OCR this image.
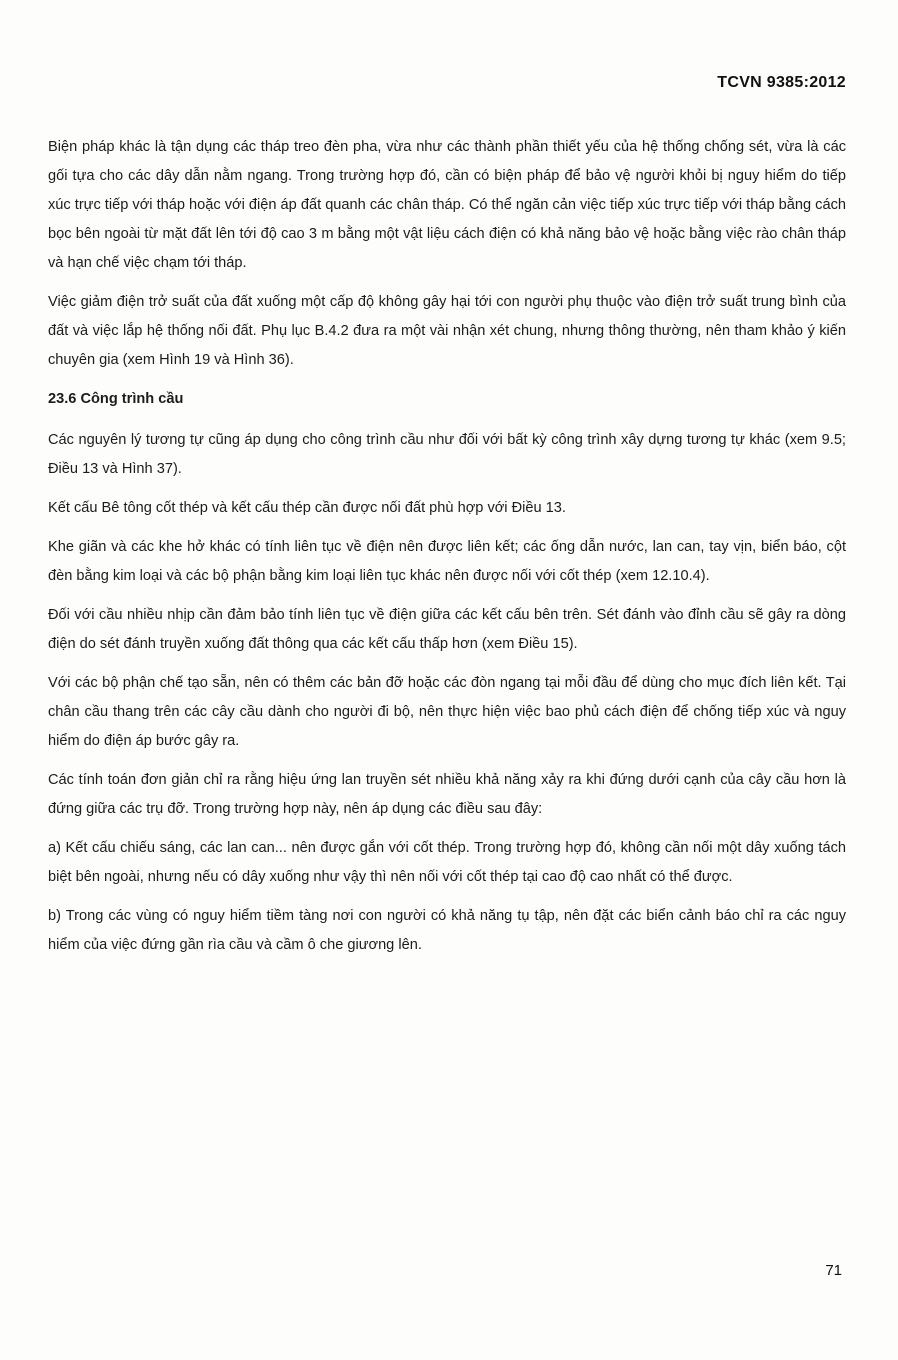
TCVN 9385:2012

Biện pháp khác là tận dụng các tháp treo đèn pha, vừa như các thành phần thiết yếu của hệ thống chống sét, vừa là các gối tựa cho các dây dẫn nằm ngang. Trong trường hợp đó, cần có biện pháp để bảo vệ người khỏi bị nguy hiểm do tiếp xúc trực tiếp với tháp hoặc với điện áp đất quanh các chân tháp. Có thể ngăn cản việc tiếp xúc trực tiếp với tháp bằng cách bọc bên ngoài từ mặt đất lên tới độ cao 3 m bằng một vật liệu cách điện có khả năng bảo vệ hoặc bằng việc rào chân tháp và hạn chế việc chạm tới tháp.

Việc giảm điện trở suất của đất xuống một cấp độ không gây hại tới con người phụ thuộc vào điện trở suất trung bình của đất và việc lắp hệ thống nối đất. Phụ lục B.4.2 đưa ra một vài nhận xét chung, nhưng thông thường, nên tham khảo ý kiến chuyên gia (xem Hình 19 và Hình 36).

23.6 Công trình cầu

Các nguyên lý tương tự cũng áp dụng cho công trình cầu như đối với bất kỳ công trình xây dựng tương tự khác (xem 9.5; Điều 13 và Hình 37).

Kết cấu Bê tông cốt thép và kết cấu thép cần được nối đất phù hợp với Điều 13.

Khe giãn và các khe hở khác có tính liên tục về điện nên được liên kết; các ống dẫn nước, lan can, tay vịn, biển báo, cột đèn bằng kim loại và các bộ phận bằng kim loại liên tục khác nên được nối với cốt thép (xem 12.10.4).

Đối với cầu nhiều nhịp cần đảm bảo tính liên tục về điện giữa các kết cấu bên trên. Sét đánh vào đỉnh cầu sẽ gây ra dòng điện do sét đánh truyền xuống đất thông qua các kết cấu thấp hơn (xem Điều 15).

Với các bộ phận chế tạo sẵn, nên có thêm các bản đỡ hoặc các đòn ngang tại mỗi đầu để dùng cho mục đích liên kết. Tại chân cầu thang trên các cây cầu dành cho người đi bộ, nên thực hiện việc bao phủ cách điện để chống tiếp xúc và nguy hiểm do điện áp bước gây ra.

Các tính toán đơn giản chỉ ra rằng hiệu ứng lan truyền sét nhiều khả năng xảy ra khi đứng dưới cạnh của cây cầu hơn là đứng giữa các trụ đỡ. Trong trường hợp này, nên áp dụng các điều sau đây:

a) Kết cấu chiếu sáng, các lan can... nên được gắn với cốt thép. Trong trường hợp đó, không cần nối một dây xuống tách biệt bên ngoài, nhưng nếu có dây xuống như vậy thì nên nối với cốt thép tại cao độ cao nhất có thể được.

b) Trong các vùng có nguy hiểm tiềm tàng nơi con người có khả năng tụ tập, nên đặt các biển cảnh báo chỉ ra các nguy hiểm của việc đứng gần rìa cầu và cầm ô che giương lên.

71
